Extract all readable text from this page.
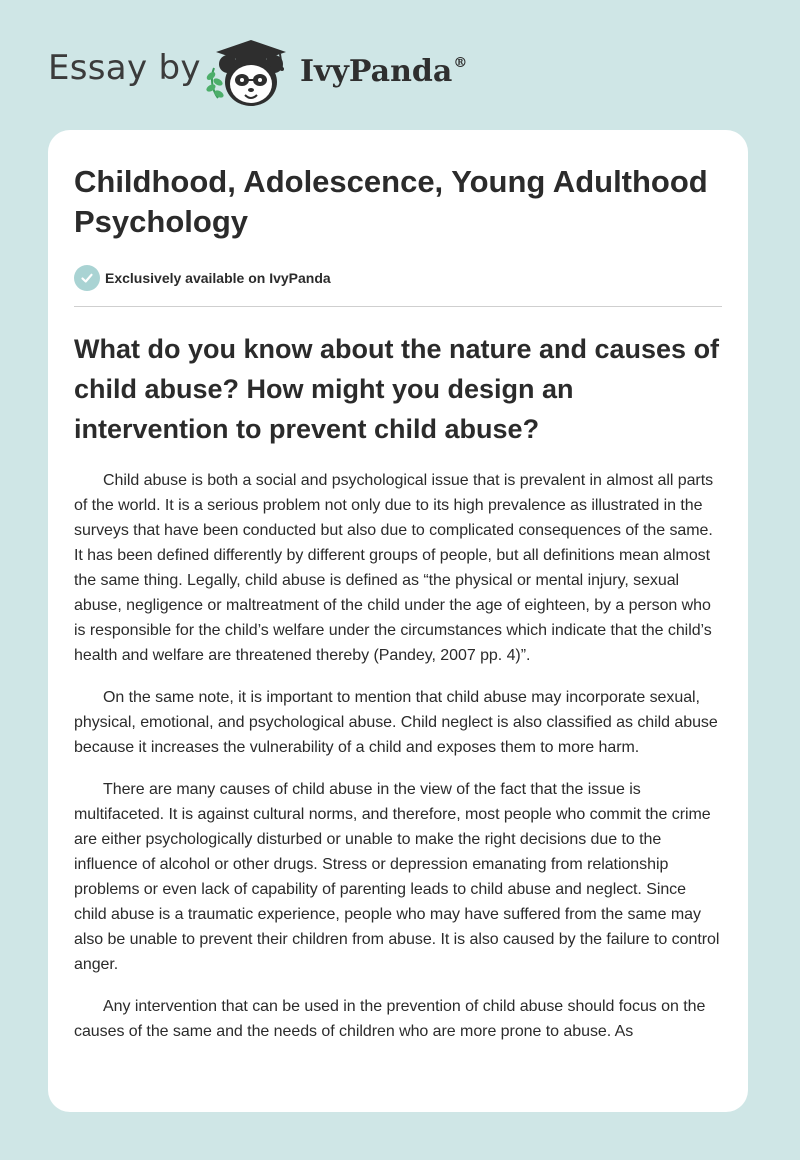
Essay by	IvyPanda®
Childhood, Adolescence, Young Adulthood Psychology
Exclusively available on IvyPanda
What do you know about the nature and causes of child abuse? How might you design an intervention to prevent child abuse?

Child abuse is both a social and psychological issue that is prevalent in almost all parts of the world. It is a serious problem not only due to its high prevalence as illustrated in the surveys that have been conducted but also due to complicated consequences of the same. It has been defined differently by different groups of people, but all definitions mean almost the same thing. Legally, child abuse is defined as “the physical or mental injury, sexual abuse, negligence or maltreatment of the child under the age of eighteen, by a person who is responsible for the child’s welfare under the circumstances which indicate that the child’s health and welfare are threatened thereby (Pandey, 2007 pp. 4)”.

On the same note, it is important to mention that child abuse may incorporate sexual, physical, emotional, and psychological abuse. Child neglect is also classified as child abuse because it increases the vulnerability of a child and exposes them to more harm.

There are many causes of child abuse in the view of the fact that the issue is multifaceted. It is against cultural norms, and therefore, most people who commit the crime are either psychologically disturbed or unable to make the right decisions due to the influence of alcohol or other drugs. Stress or depression emanating from relationship problems or even lack of capability of parenting leads to child abuse and neglect. Since child abuse is a traumatic experience, people who may have suffered from the same may also be unable to prevent their children from abuse. It is also caused by the failure to control anger.

Any intervention that can be used in the prevention of child abuse should focus on the causes of the same and the needs of children who are more prone to abuse. As
